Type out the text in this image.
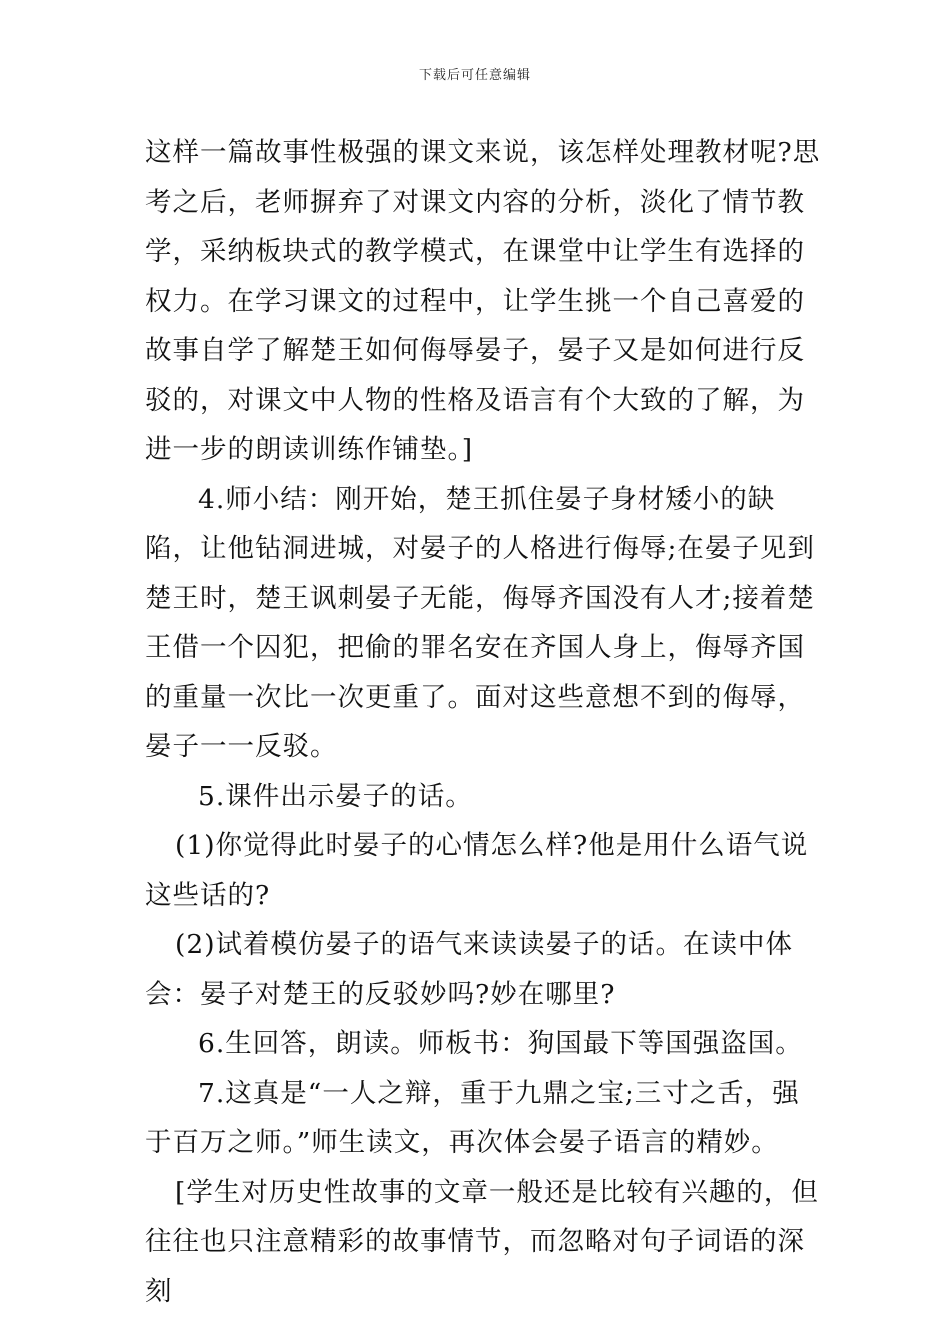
下载后可任意编辑

这样一篇故事性极强的课文来说，该怎样处理教材呢?思考之后，老师摒弃了对课文内容的分析，淡化了情节教学，采纳板块式的教学模式，在课堂中让学生有选择的权力。在学习课文的过程中，让学生挑一个自己喜爱的故事自学了解楚王如何侮辱晏子，晏子又是如何进行反驳的，对课文中人物的性格及语言有个大致的了解，为进一步的朗读训练作铺垫。]

4.师小结：刚开始，楚王抓住晏子身材矮小的缺陷，让他钻洞进城，对晏子的人格进行侮辱;在晏子见到楚王时，楚王讽刺晏子无能，侮辱齐国没有人才;接着楚王借一个囚犯，把偷的罪名安在齐国人身上，侮辱齐国的重量一次比一次更重了。面对这些意想不到的侮辱，晏子一一反驳。

5.课件出示晏子的话。

(1)你觉得此时晏子的心情怎么样?他是用什么语气说这些话的?

(2)试着模仿晏子的语气来读读晏子的话。在读中体会：晏子对楚王的反驳妙吗?妙在哪里?

6.生回答，朗读。师板书：狗国最下等国强盗国。

7.这真是“一人之辩，重于九鼎之宝;三寸之舌，强于百万之师。”师生读文，再次体会晏子语言的精妙。

[学生对历史性故事的文章一般还是比较有兴趣的，但往往也只注意精彩的故事情节，而忽略对句子词语的深刻
